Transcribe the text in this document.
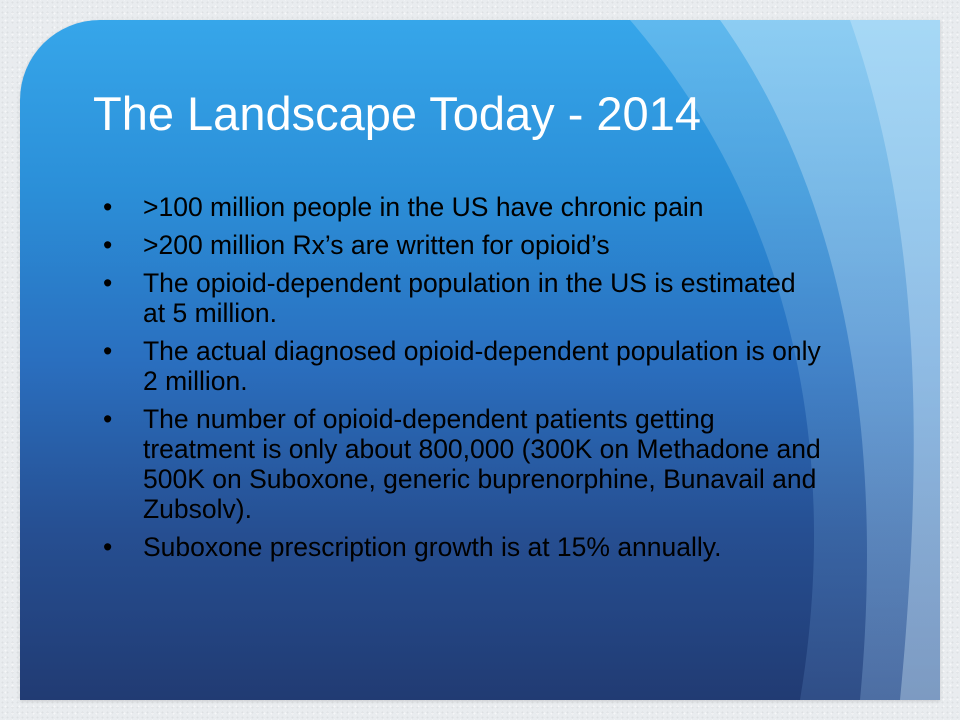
The Landscape Today - 2014
• >100 million people in the US have chronic pain
• >200 million Rx’s are written for opioid’s
• The opioid-dependent population in the US is estimated at 5 million.
• The actual diagnosed opioid-dependent population is only 2 million.
• The number of opioid-dependent patients getting treatment is only about 800,000 (300K on Methadone and 500K on Suboxone, generic buprenorphine, Bunavail and Zubsolv).
• Suboxone prescription growth is at 15% annually.
